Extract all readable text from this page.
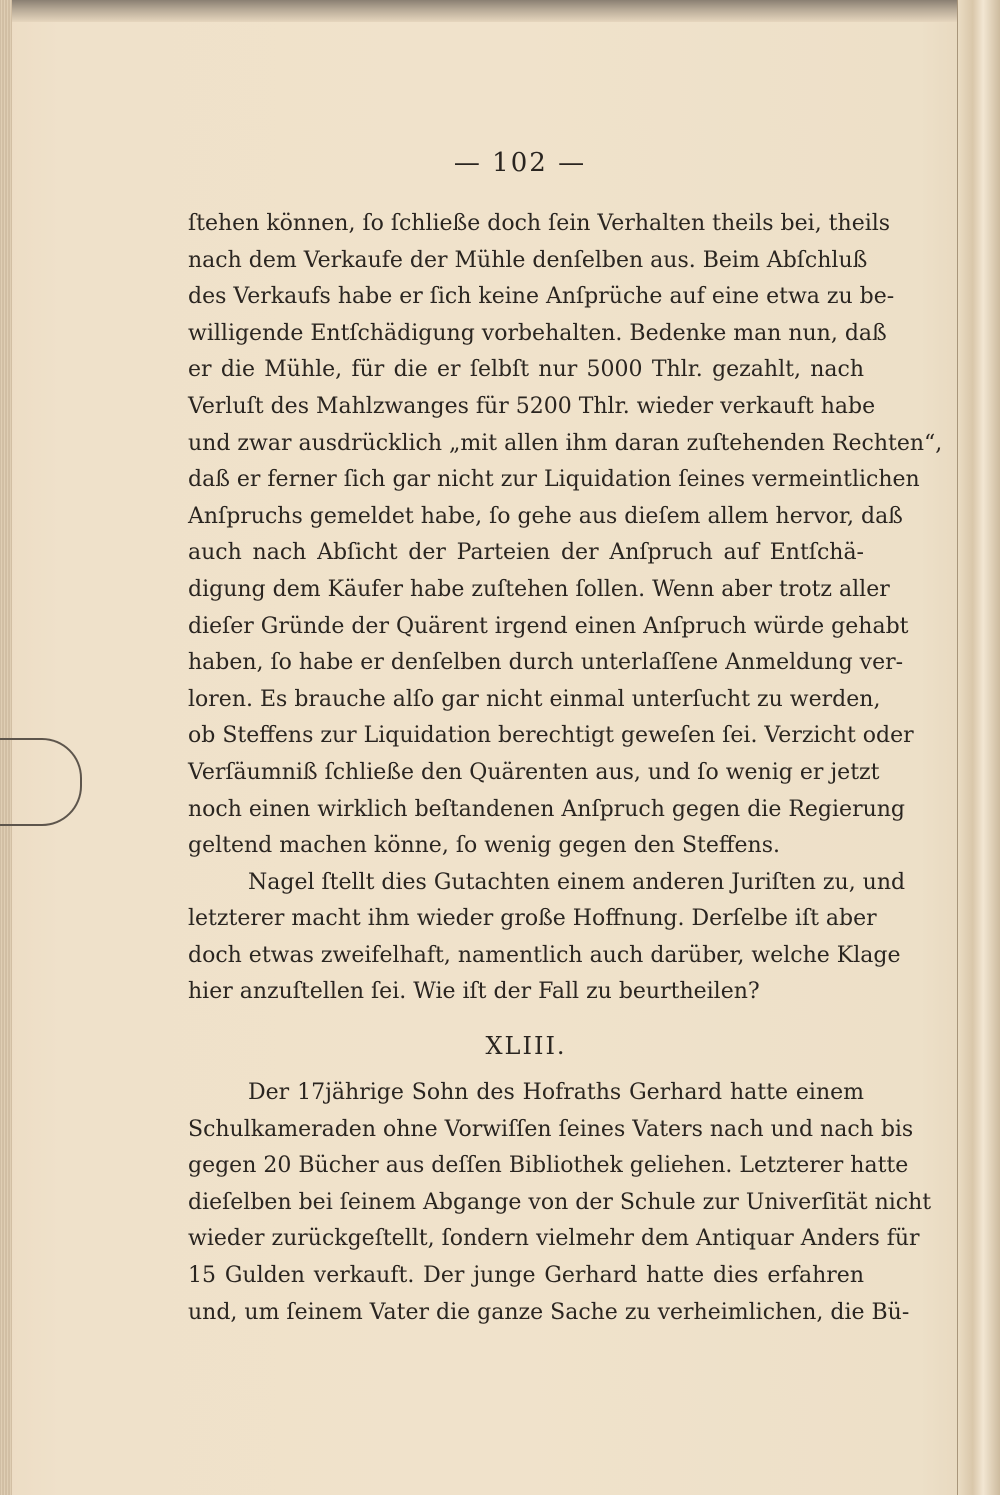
— 102 —
ſtehen können, ſo ſchließe doch ſein Verhalten theils bei, theils
nach dem Verkaufe der Mühle denſelben aus. Beim Abſchluß
des Verkaufs habe er ſich keine Anſprüche auf eine etwa zu be-
willigende Entſchädigung vorbehalten. Bedenke man nun, daß
er die Mühle, für die er ſelbſt nur 5000 Thlr. gezahlt, nach
Verluſt des Mahlzwanges für 5200 Thlr. wieder verkauft habe
und zwar ausdrücklich „mit allen ihm daran zuſtehenden Rechten“,
daß er ferner ſich gar nicht zur Liquidation ſeines vermeintlichen
Anſpruchs gemeldet habe, ſo gehe aus dieſem allem hervor, daß
auch nach Abſicht der Parteien der Anſpruch auf Entſchä-
digung dem Käufer habe zuſtehen ſollen. Wenn aber trotz aller
dieſer Gründe der Quärent irgend einen Anſpruch würde gehabt
haben, ſo habe er denſelben durch unterlaſſene Anmeldung ver-
loren. Es brauche alſo gar nicht einmal unterſucht zu werden,
ob Steffens zur Liquidation berechtigt geweſen ſei. Verzicht oder
Verſäumniß ſchließe den Quärenten aus, und ſo wenig er jetzt
noch einen wirklich beſtandenen Anſpruch gegen die Regierung
geltend machen könne, ſo wenig gegen den Steffens.
Nagel ſtellt dies Gutachten einem anderen Juriſten zu, und
letzterer macht ihm wieder große Hoffnung. Derſelbe iſt aber
doch etwas zweifelhaft, namentlich auch darüber, welche Klage
hier anzuſtellen ſei. Wie iſt der Fall zu beurtheilen?
XLIII.
Der 17jährige Sohn des Hofraths Gerhard hatte einem
Schulkameraden ohne Vorwiſſen ſeines Vaters nach und nach bis
gegen 20 Bücher aus deſſen Bibliothek geliehen. Letzterer hatte
dieſelben bei ſeinem Abgange von der Schule zur Univerſität nicht
wieder zurückgeſtellt, ſondern vielmehr dem Antiquar Anders für
15 Gulden verkauft. Der junge Gerhard hatte dies erfahren
und, um ſeinem Vater die ganze Sache zu verheimlichen, die Bü-
